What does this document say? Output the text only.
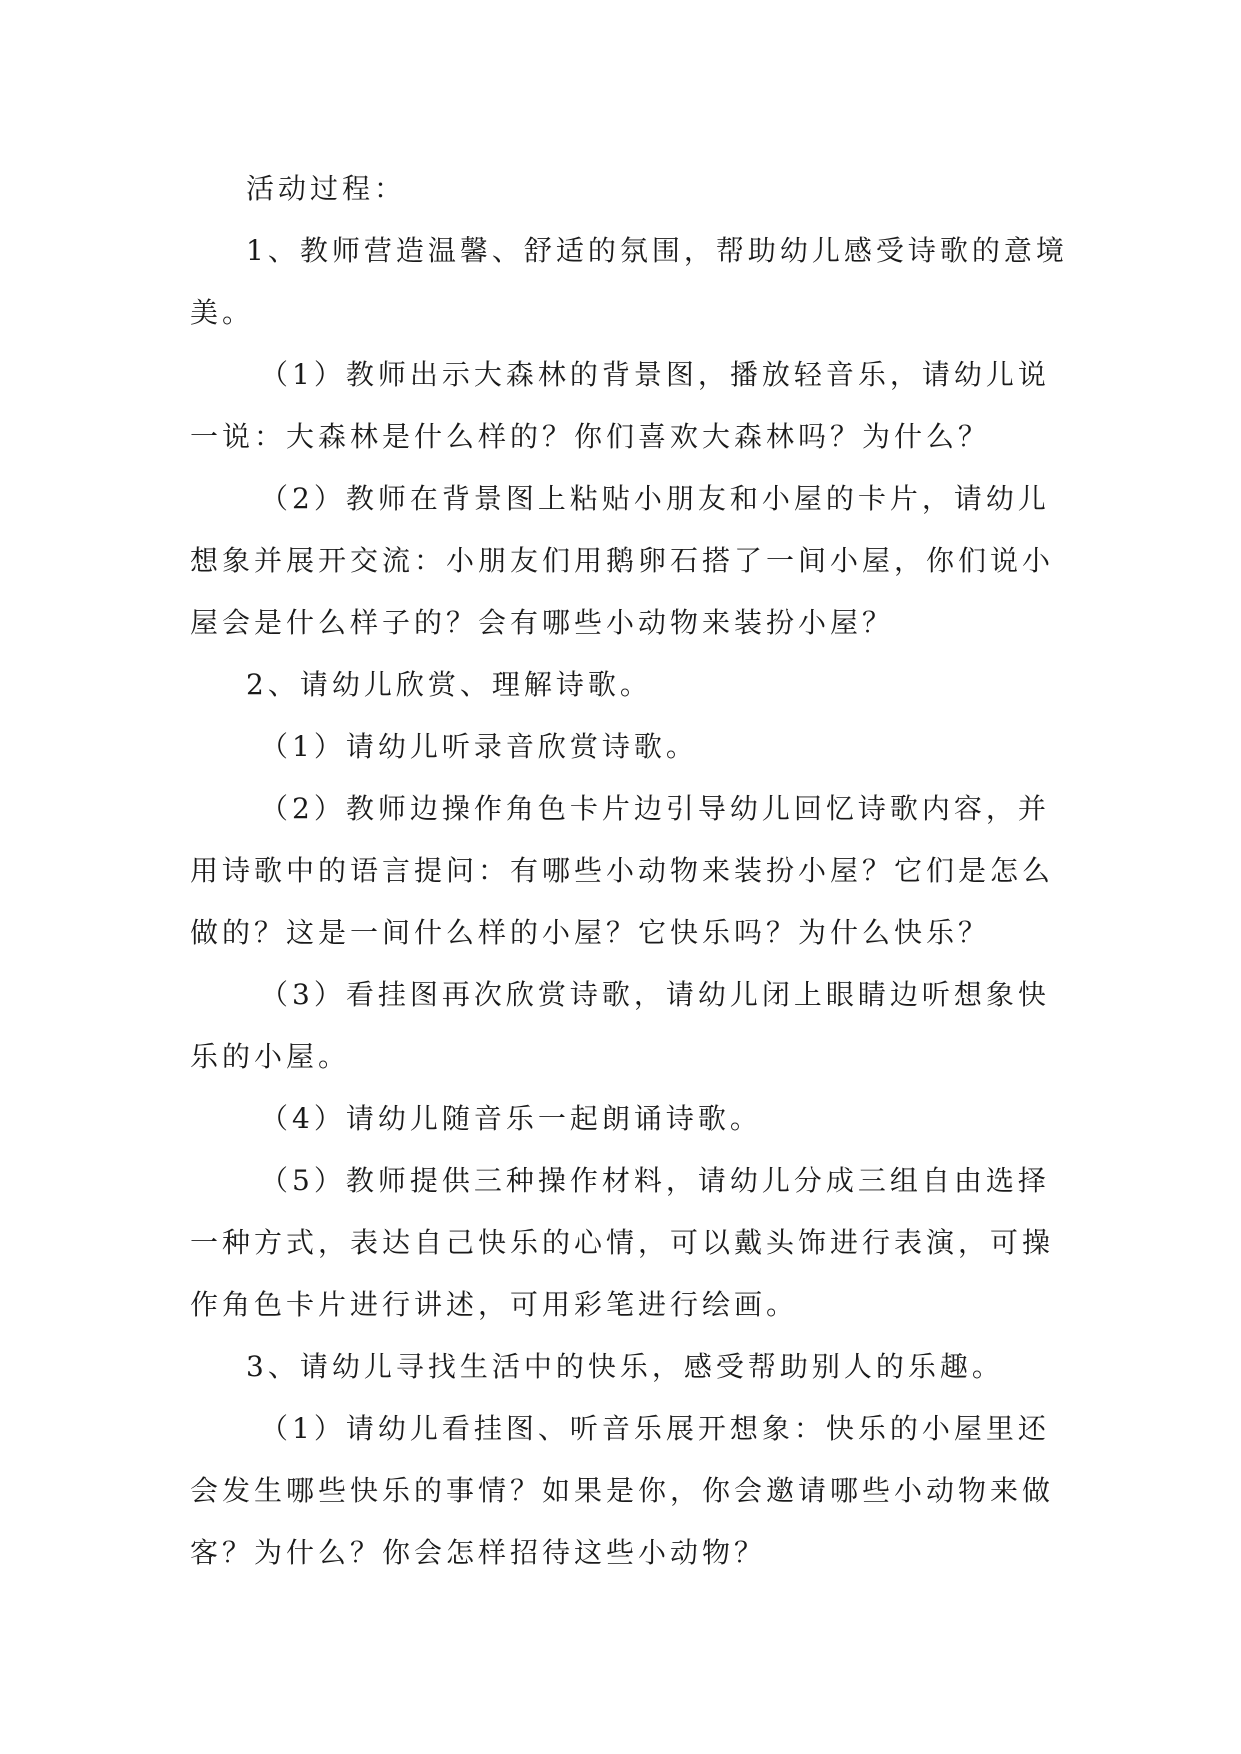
活动过程：

1、教师营造温馨、舒适的氛围，帮助幼儿感受诗歌的意境美。

（1）教师出示大森林的背景图，播放轻音乐，请幼儿说一说：大森林是什么样的？你们喜欢大森林吗？为什么？

（2）教师在背景图上粘贴小朋友和小屋的卡片，请幼儿想象并展开交流：小朋友们用鹅卵石搭了一间小屋，你们说小屋会是什么样子的？会有哪些小动物来装扮小屋？

2、请幼儿欣赏、理解诗歌。

（1）请幼儿听录音欣赏诗歌。

（2）教师边操作角色卡片边引导幼儿回忆诗歌内容，并用诗歌中的语言提问：有哪些小动物来装扮小屋？它们是怎么做的？这是一间什么样的小屋？它快乐吗？为什么快乐？

（3）看挂图再次欣赏诗歌，请幼儿闭上眼睛边听想象快乐的小屋。

（4）请幼儿随音乐一起朗诵诗歌。

（5）教师提供三种操作材料，请幼儿分成三组自由选择一种方式，表达自己快乐的心情，可以戴头饰进行表演，可操作角色卡片进行讲述，可用彩笔进行绘画。

3、请幼儿寻找生活中的快乐，感受帮助别人的乐趣。

（1）请幼儿看挂图、听音乐展开想象：快乐的小屋里还会发生哪些快乐的事情？如果是你，你会邀请哪些小动物来做客？为什么？你会怎样招待这些小动物？
